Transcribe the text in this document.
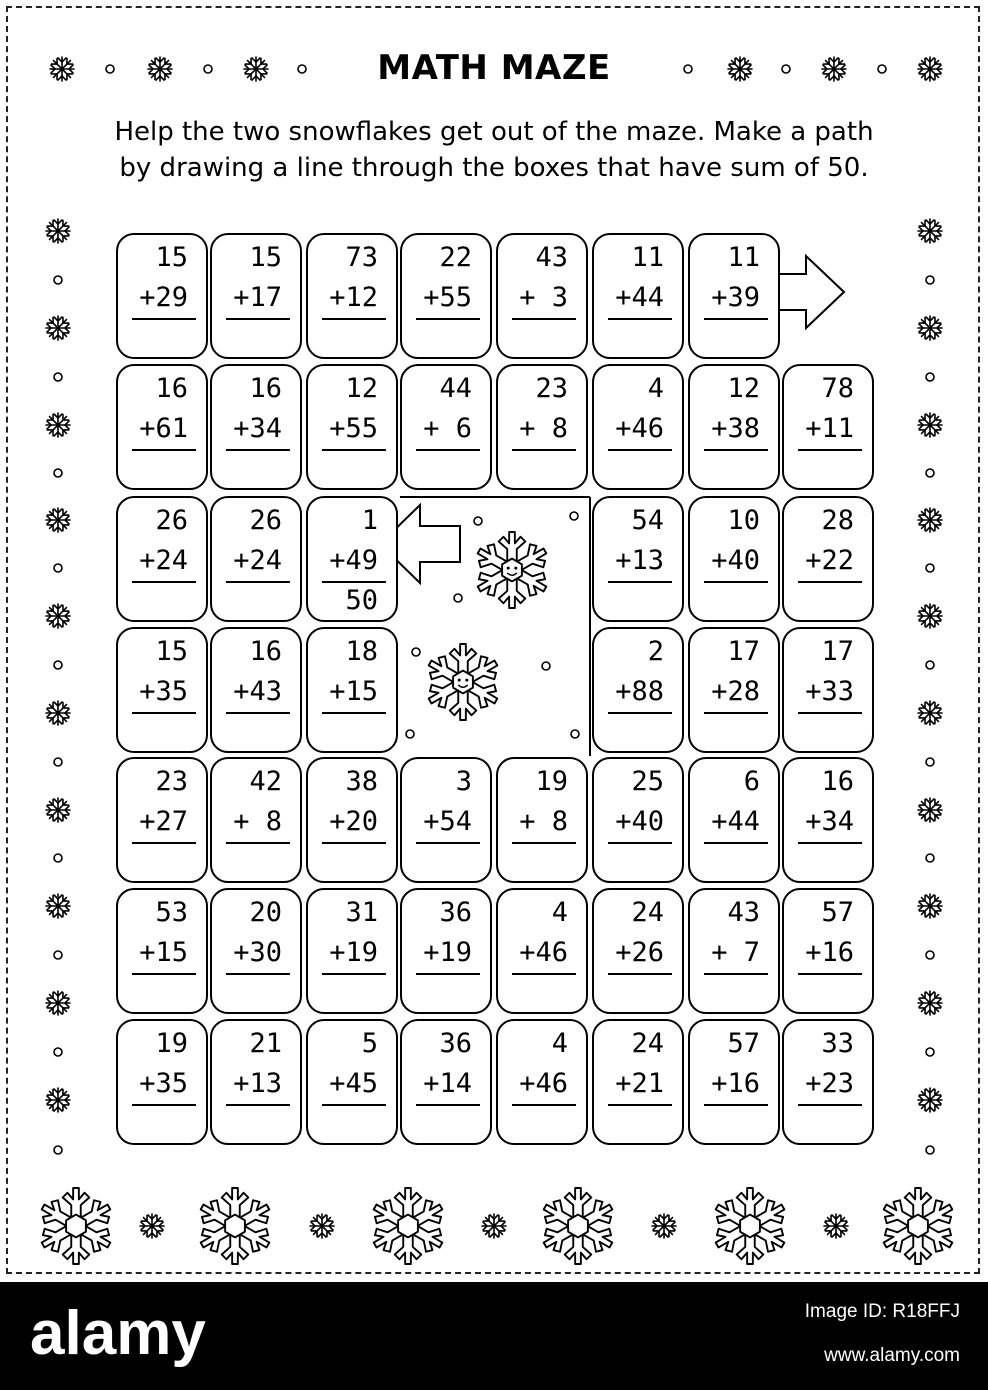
MATH MAZE
Help the two snowflakes get out of the maze. Make a path
by drawing a line through the boxes that have sum of 50.
15
+29
15
+17
73
+12
22
+55
43
+ 3
11
+44
11
+39
16
+61
16
+34
12
+55
44
+ 6
23
+ 8
4
+46
12
+38
78
+11
26
+24
26
+24
1
+49
50
54
+13
10
+40
28
+22
15
+35
16
+43
18
+15
2
+88
17
+28
17
+33
23
+27
42
+ 8
38
+20
3
+54
19
+ 8
25
+40
6
+44
16
+34
53
+15
20
+30
31
+19
36
+19
4
+46
24
+26
43
+ 7
57
+16
19
+35
21
+13
5
+45
36
+14
4
+46
24
+21
57
+16
33
+23
alamy	Image ID: R18FFJ
www.alamy.com
